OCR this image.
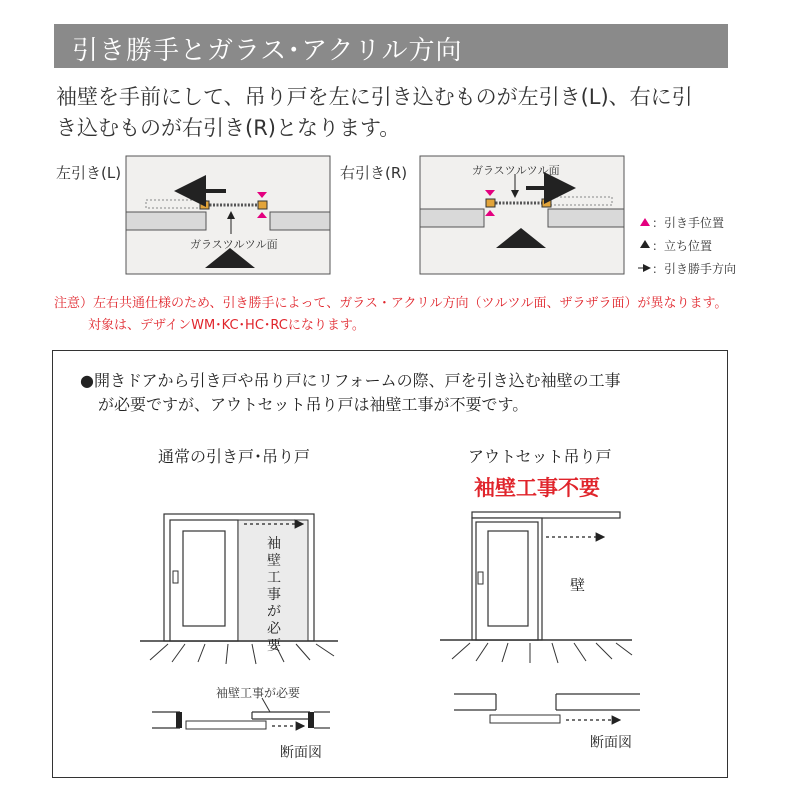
引き勝手とガラス･アクリル方向
袖壁を手前にして、吊り戸を左に引き込むものが左引き(L)、右に引
き込むものが右引き(R)となります。
左引き(L)
ガラスツルツル面
右引き(R)	ガラスツルツル面
：引き手位置
：立ち位置
：引き勝手方向
注意）左右共通仕様のため、引き勝手によって、ガラス・アクリル方向（ツルツル面、ザラザラ面）が異なります。
対象は、デザインWM･KC･HC･RCになります。
●開きドアから引き戸や吊り戸にリフォームの際、戸を引き込む袖壁の工事
が必要ですが、アウトセット吊り戸は袖壁工事が不要です。
通常の引き戸･吊り戸	アウトセット吊り戸
袖壁工事不要
袖壁工事が必要
壁
袖壁工事が必要
断面図
断面図
